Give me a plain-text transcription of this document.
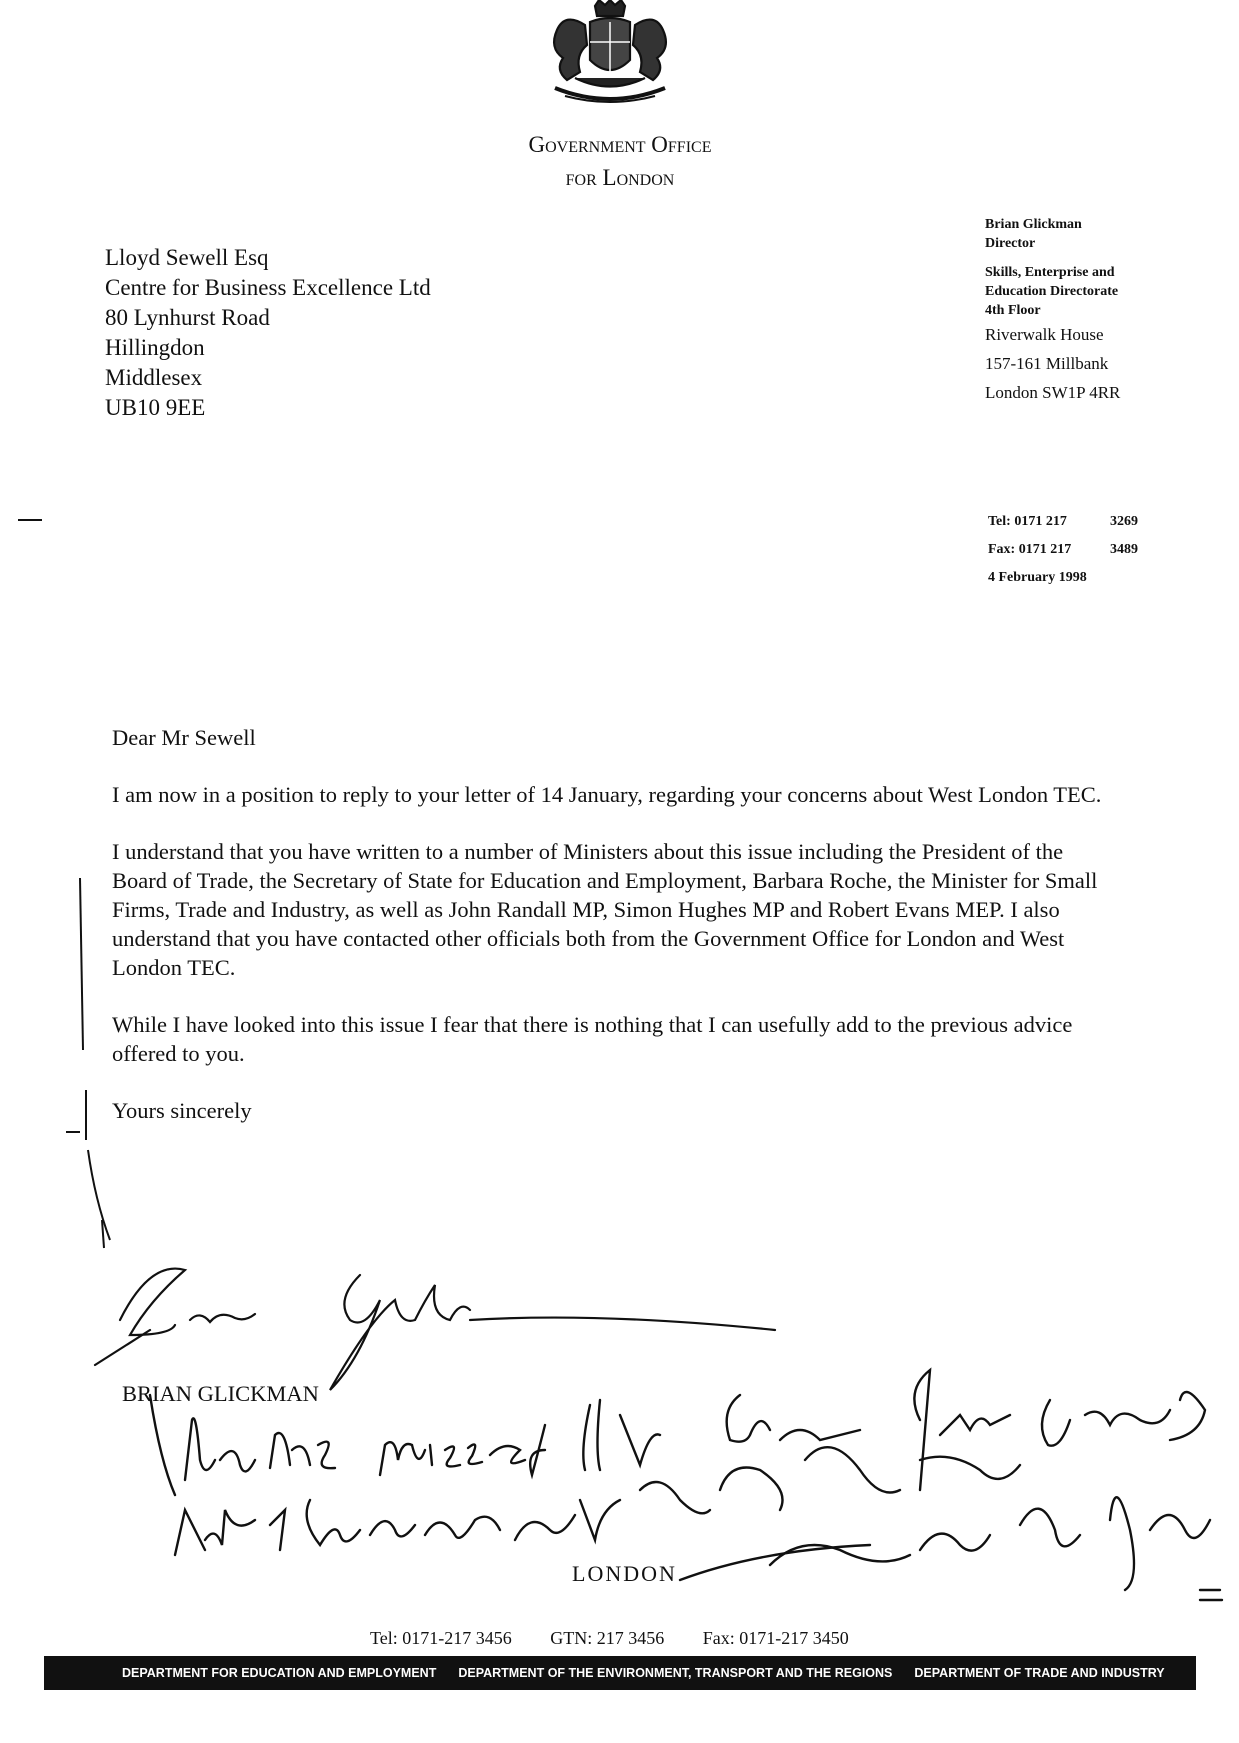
Government Office
for London
Lloyd Sewell Esq
Centre for Business Excellence Ltd
80 Lynhurst Road
Hillingdon
Middlesex
UB10 9EE
Brian Glickman
Director
Skills, Enterprise and
Education Directorate
4th Floor
Riverwalk House
157-161 Millbank
London SW1P 4RR
Tel: 0171 217	3269
Fax: 0171 217	3489
4 February 1998

Dear Mr Sewell

I am now in a position to reply to your letter of 14 January, regarding your concerns about West London TEC.

I understand that you have written to a number of Ministers about this issue including the President of the Board of Trade, the Secretary of State for Education and Employment, Barbara Roche, the Minister for Small Firms, Trade and Industry, as well as John Randall MP, Simon Hughes MP and Robert Evans MEP. I also understand that you have contacted other officials both from the Government Office for London and West London TEC.

While I have looked into this issue I fear that there is nothing that I can usefully add to the previous advice offered to you.

Yours sincerely

BRIAN GLICKMAN
LONDON
Tel: 0171-217 3456 GTN: 217 3456 Fax: 0171-217 3450
DEPARTMENT FOR EDUCATION AND EMPLOYMENT DEPARTMENT OF THE ENVIRONMENT, TRANSPORT AND THE REGIONS DEPARTMENT OF TRADE AND INDUSTRY
